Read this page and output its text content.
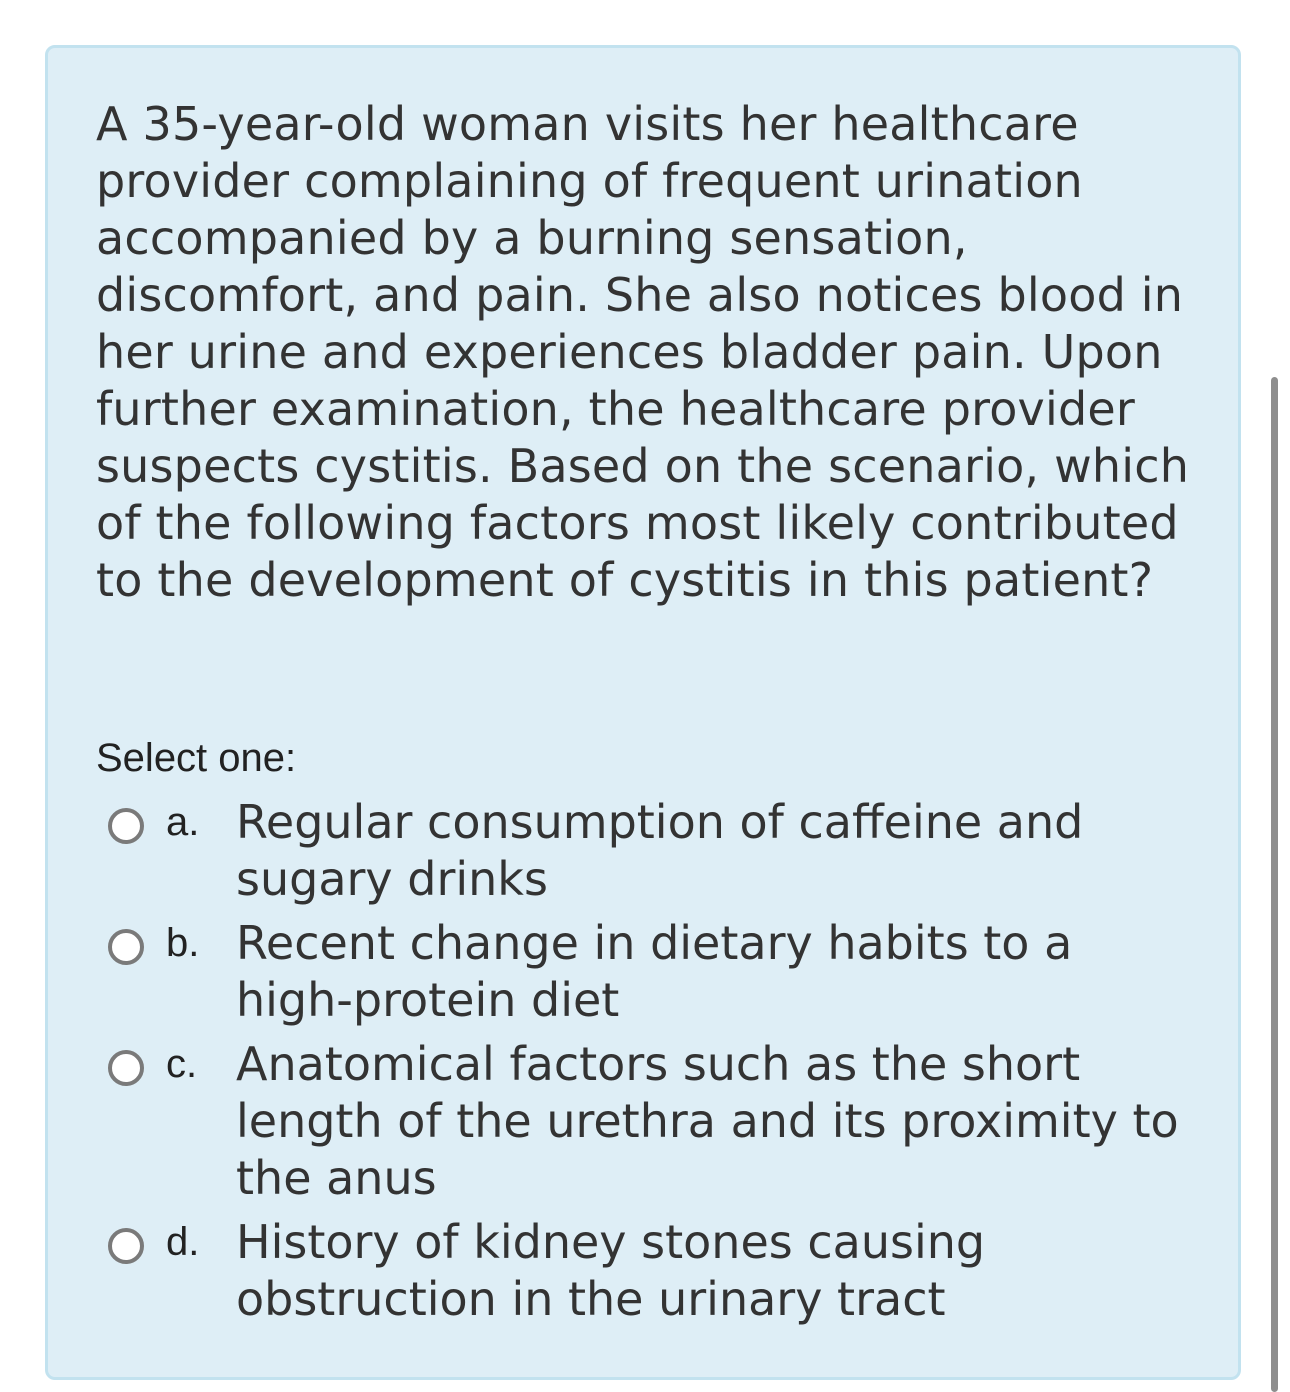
A 35-year-old woman visits her healthcare provider complaining of frequent urination accompanied by a burning sensation, discomfort, and pain. She also notices blood in her urine and experiences bladder pain. Upon further examination, the healthcare provider suspects cystitis. Based on the scenario, which of the following factors most likely contributed to the development of cystitis in this patient?

Select one:
a. Regular consumption of caffeine and sugary drinks

b. Recent change in dietary habits to a high-protein diet

c. Anatomical factors such as the short length of the urethra and its proximity to the anus

d. History of kidney stones causing obstruction in the urinary tract
